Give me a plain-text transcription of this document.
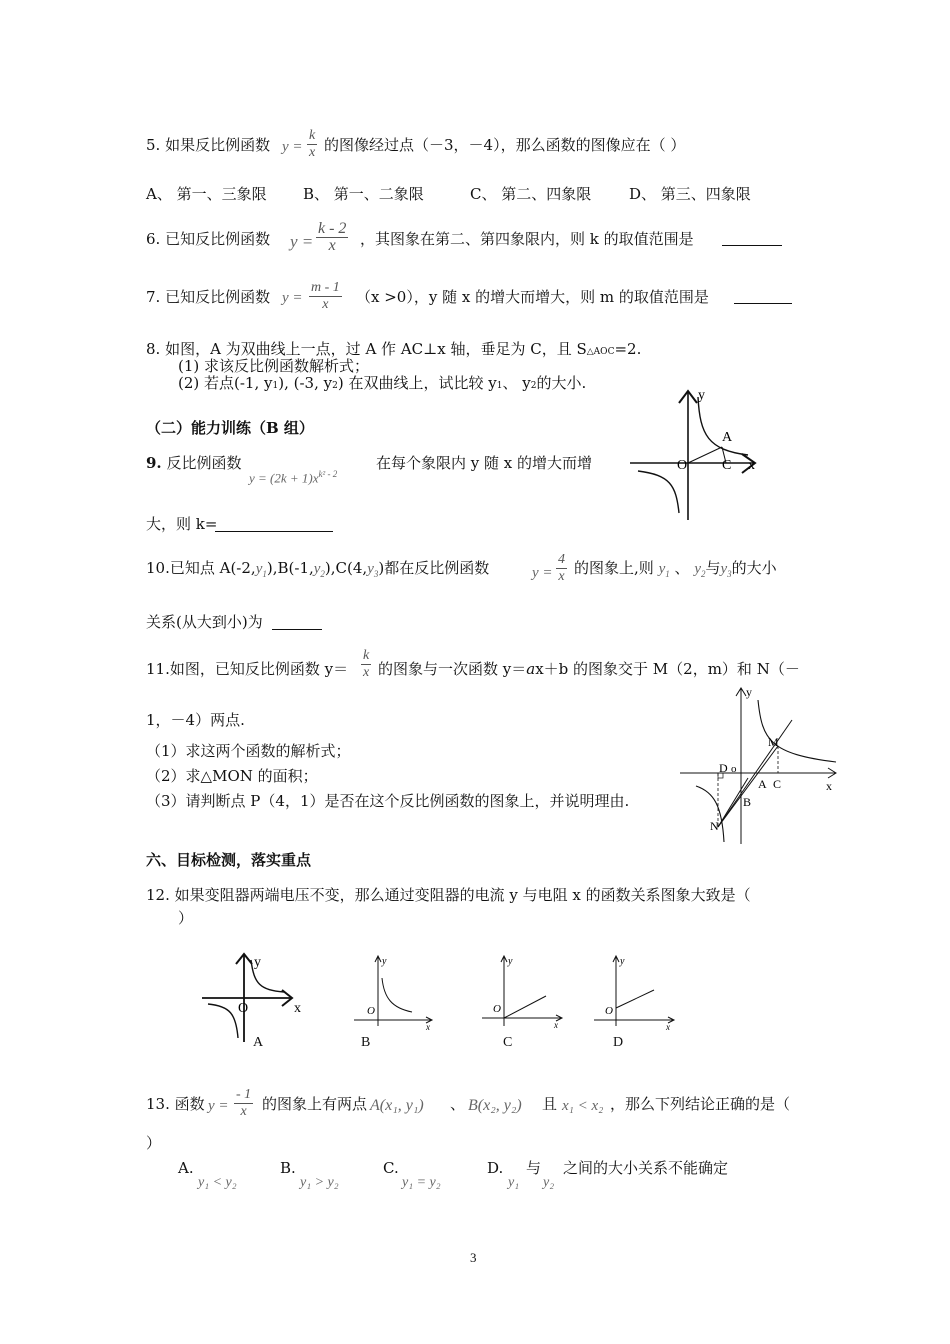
5. 如果反比例函数 y =
k
x 的图像经过点（－3，－4），那么函数的图像应在（ ）
A、 第一、三象限 B、 第一、二象限	C、 第二、四象限	D、 第三、四象限
6. 已知反比例函数 y =
k - 2
x ，其图象在第二、第四象限内，则 k 的取值范围是
7. 已知反比例函数 y =
m - 1
x （x >0），y 随 x 的增大而增大，则 m 的取值范围是
8. 如图，A 为双曲线上一点，过 A 作 AC⊥x 轴，垂足为 C，且 S△AOC=2.
(1) 求该反比例函数解析式；
(2) 若点(-1, y1), (-3, y2) 在双曲线上，试比较 y1、 y2的大小.
y
A
O C x
（二）能力训练（B 组）
9. 反比例函数
$y = (2k + 1)x^{k^2 - 2}$
在每个象限内 y 随 x 的增大而增
大，则 k=
10.已知点 $A(-2,y_1),B(-1,y_2),C(4,y_3)$都在反比例函数	y =
4
x 的图象上,则 $y_1$ 、 $y_2$与$y_3$的大小
关系(从大到小)为
11.如图，已知反比例函数 y＝
k
x 的图象与一次函数 y＝ax＋b 的图象交于 M（2，m）和 N（－
1，－4）两点.
（1）求这两个函数的解析式；
（2）求△MON 的面积；
（3）请判断点 P（4，1）是否在这个反比例函数的图象上，并说明理由.
y
M
D o
A C
B
N
x
六、目标检测，落实重点
12. 如果变阻器两端电压不变，那么通过变阻器的电流 y 与电阻 x 的函数关系图象大致是（
）
y
O	x
A
y
O
x
B
y
O
x
C
y
O
x
D
13. 函数 y =
- 1
x 的图象上有两点 A(x₁, y₁) 、 B(x₂, y₂) 且 x₁ < x₂ ，那么下列结论正确的是（
）
A.
y₁ < y₂
B.
y₁ > y₂
C.
y₁ = y₂
D.
y₁
与
y₂
之间的大小关系不能确定
3
